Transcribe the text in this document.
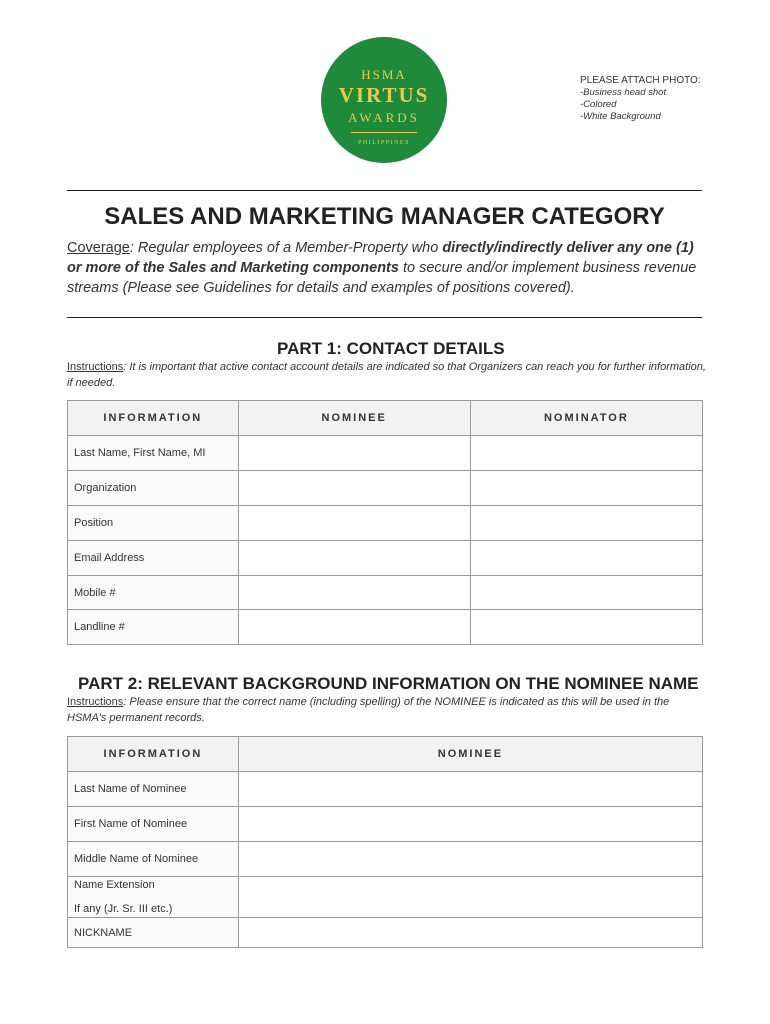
HSMA
VIRTUS
AWARDS
PHILIPPINES
PLEASE ATTACH PHOTO:
-Business head shot
-Colored
-White Background
SALES AND MARKETING MANAGER CATEGORY
Coverage: Regular employees of a Member-Property who directly/indirectly deliver any one (1) or more of the Sales and Marketing components to secure and/or implement business revenue streams (Please see Guidelines for details and examples of positions covered).
PART 1: CONTACT DETAILS
Instructions: It is important that active contact account details are indicated so that Organizers can reach you for further information, if needed.
INFORMATION	NOMINEE	NOMINATOR
Last Name, First Name, MI		
Organization		
Position		
Email Address		
Mobile #		
Landline #		
PART 2: RELEVANT BACKGROUND INFORMATION ON THE NOMINEE NAME
Instructions: Please ensure that the correct name (including spelling) of the NOMINEE is indicated as this will be used in the HSMA's permanent records.
INFORMATION	NOMINEE
Last Name of Nominee	
First Name of Nominee	
Middle Name of Nominee	

Name Extension
If any (Jr. Sr. III etc.)	

NICKNAME	
